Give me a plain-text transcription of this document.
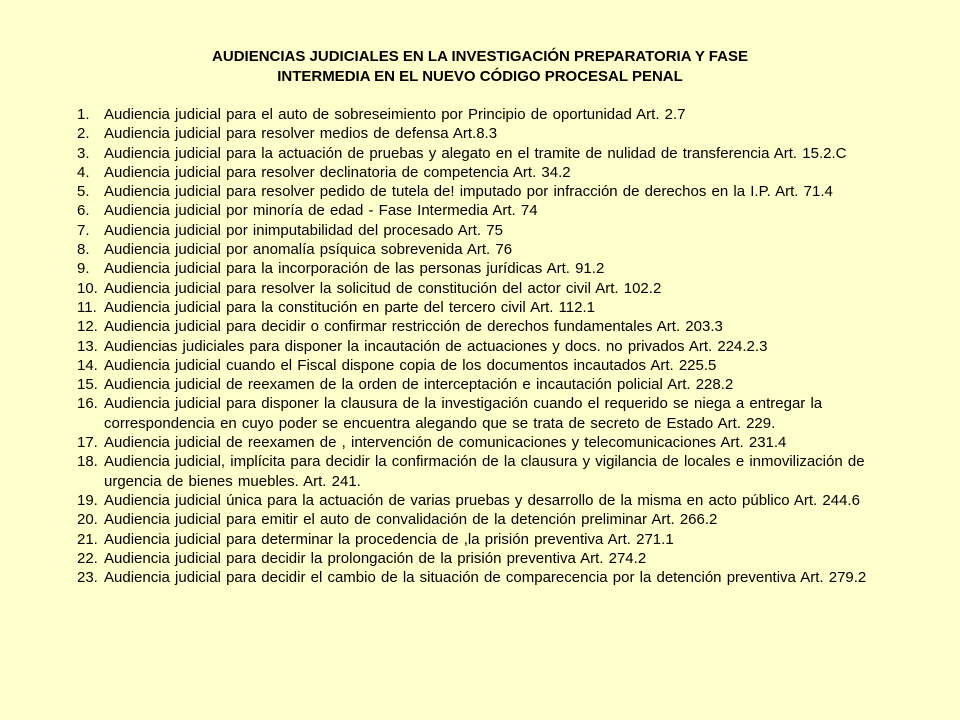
AUDIENCIAS JUDICIALES EN LA INVESTIGACIÓN PREPARATORIA Y FASE
INTERMEDIA EN EL NUEVO CÓDIGO PROCESAL PENAL
1. Audiencia judicial para el auto de sobreseimiento por Principio de oportunidad Art. 2.7
2. Audiencia judicial para resolver medios de defensa Art.8.3
3. Audiencia judicial para la actuación de pruebas y alegato en el tramite de nulidad de transferencia Art. 15.2.C
4. Audiencia judicial para resolver declinatoria de competencia Art. 34.2
5. Audiencia judicial para resolver pedido de tutela de! imputado por infracción de derechos en la I.P. Art. 71.4
6. Audiencia judicial por minoría de edad - Fase Intermedia Art. 74
7. Audiencia judicial por inimputabilidad del procesado Art. 75
8. Audiencia judicial por anomalía psíquica sobrevenida Art. 76
9. Audiencia judicial para la incorporación de las personas jurídicas Art. 91.2
10. Audiencia judicial para resolver la solicitud de constitución del actor civil Art. 102.2
11. Audiencia judicial para la constitución en parte del tercero civil Art. 112.1
12. Audiencia judicial para decidir o confirmar restricción de derechos fundamentales Art. 203.3
13. Audiencias judiciales para disponer la incautación de actuaciones y docs. no privados Art. 224.2.3
14. Audiencia judicial cuando el Fiscal dispone copia de los documentos incautados Art. 225.5
15. Audiencia judicial de reexamen de la orden de interceptación e incautación policial Art. 228.2
16. Audiencia judicial para disponer la clausura de la investigación cuando el requerido se niega a entregar la correspondencia en cuyo poder se encuentra alegando que se trata de secreto de Estado Art. 229.
17. Audiencia judicial de reexamen de , intervención de comunicaciones y telecomunicaciones Art. 231.4
18. Audiencia judicial, implícita para decidir la confirmación de la clausura y vigilancia de locales e inmovilización de urgencia de bienes muebles. Art. 241.
19. Audiencia judicial única para la actuación de varias pruebas y desarrollo de la misma en acto público Art. 244.6
20. Audiencia judicial para emitir el auto de convalidación de la detención preliminar Art. 266.2
21. Audiencia judicial para determinar la procedencia de ,la prisión preventiva Art. 271.1
22. Audiencia judicial para decidir la prolongación de la prisión preventiva Art. 274.2
23. Audiencia judicial para decidir el cambio de la situación de comparecencia por la detención preventiva Art. 279.2
